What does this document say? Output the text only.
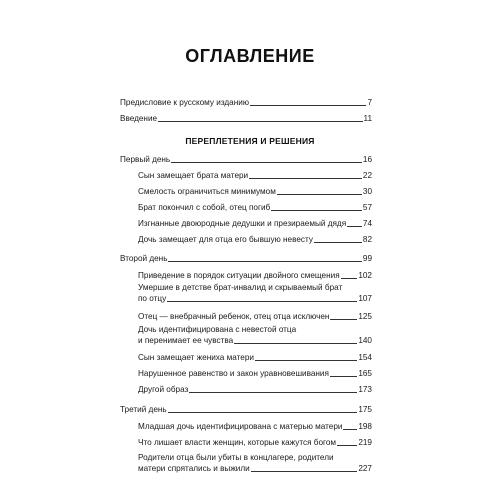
ОГЛАВЛЕНИЕ
Предисловие к русскому изданию	7
Введение	11
ПЕРЕПЛЕТЕНИЯ И РЕШЕНИЯ
Первый день	16
Сын замещает брата матери	22
Смелость ограничиться минимумом	30
Брат покончил с собой, отец погиб	57
Изгнанные двоюродные дедушки и презираемый дядя 74
Дочь замещает для отца его бывшую невесту	82
Второй день	99
Приведение в порядок ситуации двойного смещения 102
Умершие в детстве брат-инвалид и скрываемый брат
по отцу	107
Отец — внебрачный ребенок, отец отца исключен	125
Дочь идентифицирована с невестой отца
и перенимает ее чувства	140
Сын замещает жениха матери	154
Нарушенное равенство и закон уравновешивания	165
Другой образ	173
Третий день	175
Младшая дочь идентифицирована с матерью матери 198
Что лишает власти женщин, которые кажутся богом	219
Родители отца были убиты в концлагере, родители
матери спрятались и выжили	227
